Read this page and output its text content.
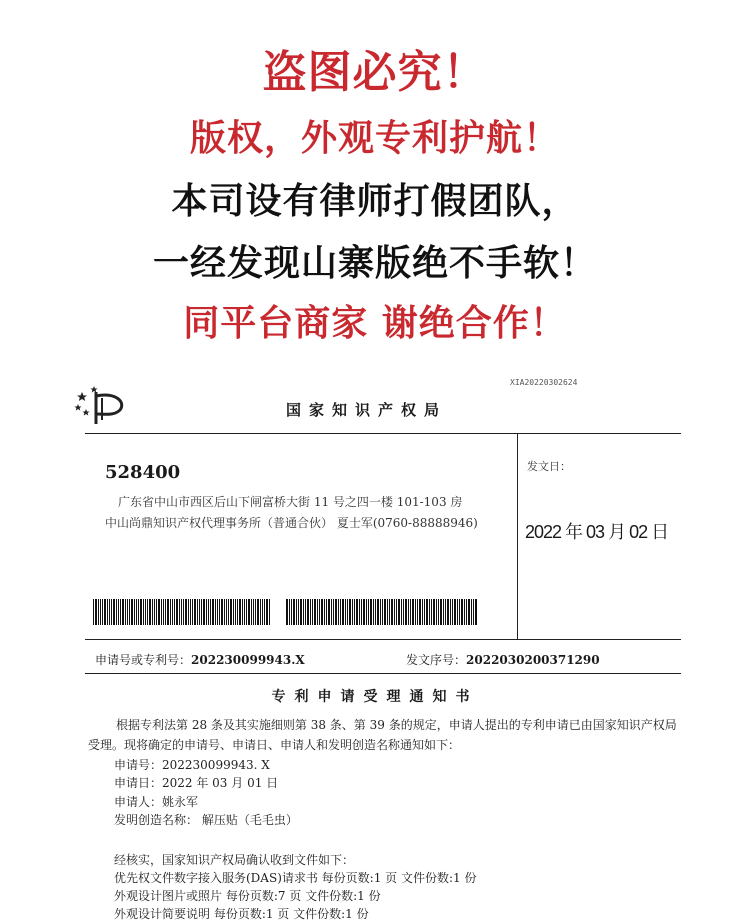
盗图必究！
版权，外观专利护航！
本司设有律师打假团队，
一经发现山寨版绝不手软！
同平台商家 谢绝合作！
XIA20220302624
国家知识产权局
528400
广东省中山市西区后山下闸富桥大街 11 号之四一楼 101-103 房
中山尚鼎知识产权代理事务所（普通合伙） 夏士军(0760-88888946)
发文日：
2022 年 03 月 02 日
申请号或专利号：202230099943.X	发文序号：2022030200371290
专利申请受理通知书
根据专利法第 28 条及其实施细则第 38 条、第 39 条的规定，申请人提出的专利申请已由国家知识产权局
受理。现将确定的申请号、申请日、申请人和发明创造名称通知如下：
申请号：202230099943. X
申请日：2022 年 03 月 01 日
申请人：姚永军
发明创造名称： 解压贴（毛毛虫）
经核实，国家知识产权局确认收到文件如下：
优先权文件数字接入服务(DAS)请求书 每份页数:1 页 文件份数:1 份
外观设计图片或照片 每份页数:7 页 文件份数:1 份
外观设计简要说明 每份页数:1 页 文件份数:1 份
